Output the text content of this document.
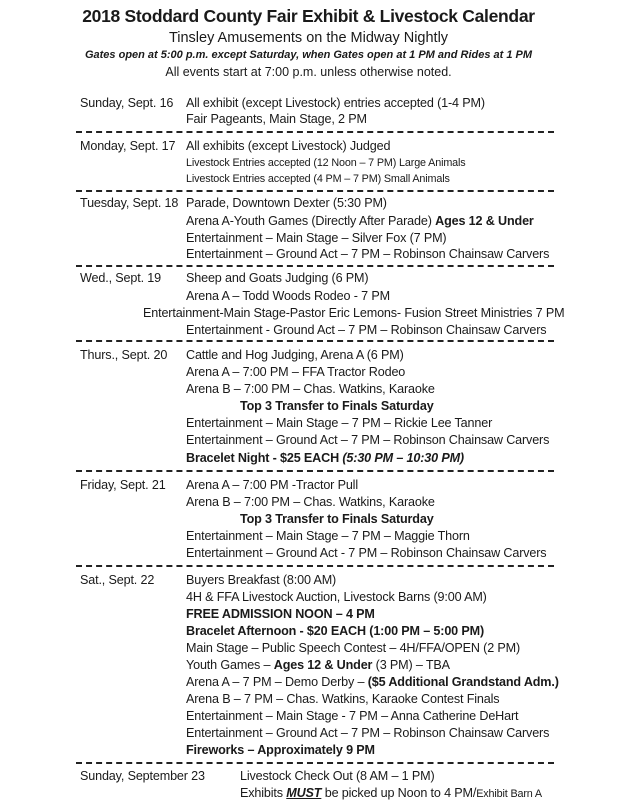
2018 Stoddard County Fair Exhibit & Livestock Calendar
Tinsley Amusements on the Midway Nightly
Gates open at 5:00 p.m. except Saturday, when Gates open at 1 PM and Rides at 1 PM
All events start at 7:00 p.m. unless otherwise noted.
Sunday, Sept. 16 All exhibit (except Livestock) entries accepted (1-4 PM)
Fair Pageants, Main Stage, 2 PM
Monday, Sept. 17 All exhibits (except Livestock) Judged
Livestock Entries accepted (12 Noon – 7 PM) Large Animals
Livestock Entries accepted (4 PM – 7 PM) Small Animals
Tuesday, Sept. 18 Parade, Downtown Dexter (5:30 PM)
Arena A-Youth Games (Directly After Parade) Ages 12 & Under
Entertainment – Main Stage – Silver Fox (7 PM)
Entertainment – Ground Act – 7 PM – Robinson Chainsaw Carvers
Wed., Sept. 19 Sheep and Goats Judging (6 PM)
Arena A – Todd Woods Rodeo - 7 PM
Entertainment-Main Stage-Pastor Eric Lemons- Fusion Street Ministries 7 PM
Entertainment - Ground Act – 7 PM – Robinson Chainsaw Carvers
Thurs., Sept. 20 Cattle and Hog Judging, Arena A (6 PM)
Arena A – 7:00 PM – FFA Tractor Rodeo
Arena B – 7:00 PM – Chas. Watkins, Karaoke
Top 3 Transfer to Finals Saturday
Entertainment – Main Stage – 7 PM – Rickie Lee Tanner
Entertainment – Ground Act – 7 PM – Robinson Chainsaw Carvers
Bracelet Night - $25 EACH (5:30 PM – 10:30 PM)
Friday, Sept. 21 Arena A – 7:00 PM -Tractor Pull
Arena B – 7:00 PM – Chas. Watkins, Karaoke
Top 3 Transfer to Finals Saturday
Entertainment – Main Stage – 7 PM – Maggie Thorn
Entertainment – Ground Act - 7 PM – Robinson Chainsaw Carvers
Sat., Sept. 22	Buyers Breakfast (8:00 AM)
4H & FFA Livestock Auction, Livestock Barns (9:00 AM)
FREE ADMISSION NOON – 4 PM
Bracelet Afternoon - $20 EACH (1:00 PM – 5:00 PM)
Main Stage – Public Speech Contest – 4H/FFA/OPEN (2 PM)
Youth Games – Ages 12 & Under (3 PM) – TBA
Arena A – 7 PM – Demo Derby – ($5 Additional Grandstand Adm.)
Arena B – 7 PM – Chas. Watkins, Karaoke Contest Finals
Entertainment – Main Stage - 7 PM – Anna Catherine DeHart
Entertainment – Ground Act – 7 PM – Robinson Chainsaw Carvers
Fireworks – Approximately 9 PM
Sunday, September 23	Livestock Check Out (8 AM – 1 PM)
Exhibits MUST be picked up Noon to 4 PM/Exhibit Barn A
